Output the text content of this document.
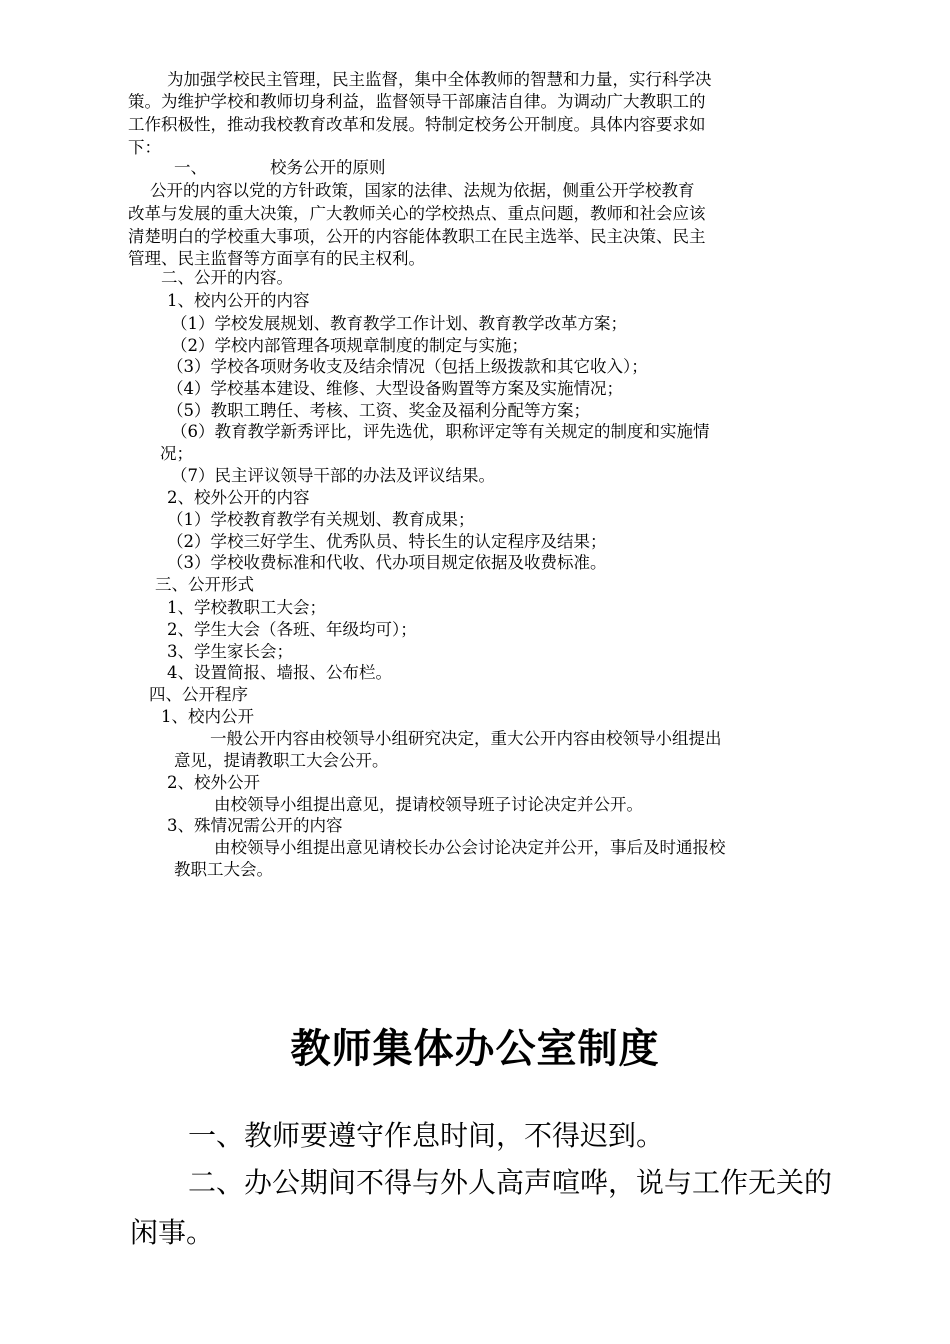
为加强学校民主管理，民主监督，集中全体教师的智慧和力量，实行科学决
策。为维护学校和教师切身利益，监督领导干部廉洁自律。为调动广大教职工的
工作积极性，推动我校教育改革和发展。特制定校务公开制度。具体内容要求如
下：
一、	校务公开的原则
公开的内容以党的方针政策，国家的法律、法规为依据，侧重公开学校教育
改革与发展的重大决策，广大教师关心的学校热点、重点问题，教师和社会应该
清楚明白的学校重大事项，公开的内容能体教职工在民主选举、民主决策、民主
管理、民主监督等方面享有的民主权利。
二、公开的内容。
1、校内公开的内容
（1）学校发展规划、教育教学工作计划、教育教学改革方案；
（2）学校内部管理各项规章制度的制定与实施；
（3）学校各项财务收支及结余情况（包括上级拨款和其它收入）；
（4）学校基本建设、维修、大型设备购置等方案及实施情况；
（5）教职工聘任、考核、工资、奖金及福利分配等方案；
（6）教育教学新秀评比，评先选优，职称评定等有关规定的制度和实施情
况；
（7）民主评议领导干部的办法及评议结果。
2、校外公开的内容
（1）学校教育教学有关规划、教育成果；
（2）学校三好学生、优秀队员、特长生的认定程序及结果；
（3）学校收费标准和代收、代办项目规定依据及收费标准。
三、公开形式
1、学校教职工大会；
2、学生大会（各班、年级均可）；
3、学生家长会；
4、设置简报、墙报、公布栏。
四、公开程序
1、校内公开
一般公开内容由校领导小组研究决定，重大公开内容由校领导小组提出
意见，提请教职工大会公开。
2、校外公开
由校领导小组提出意见，提请校领导班子讨论决定并公开。
3、殊情况需公开的内容
由校领导小组提出意见请校长办公会讨论决定并公开，事后及时通报校
教职工大会。
教师集体办公室制度
一、教师要遵守作息时间，不得迟到。
二、办公期间不得与外人高声喧哗，说与工作无关的
闲事。
